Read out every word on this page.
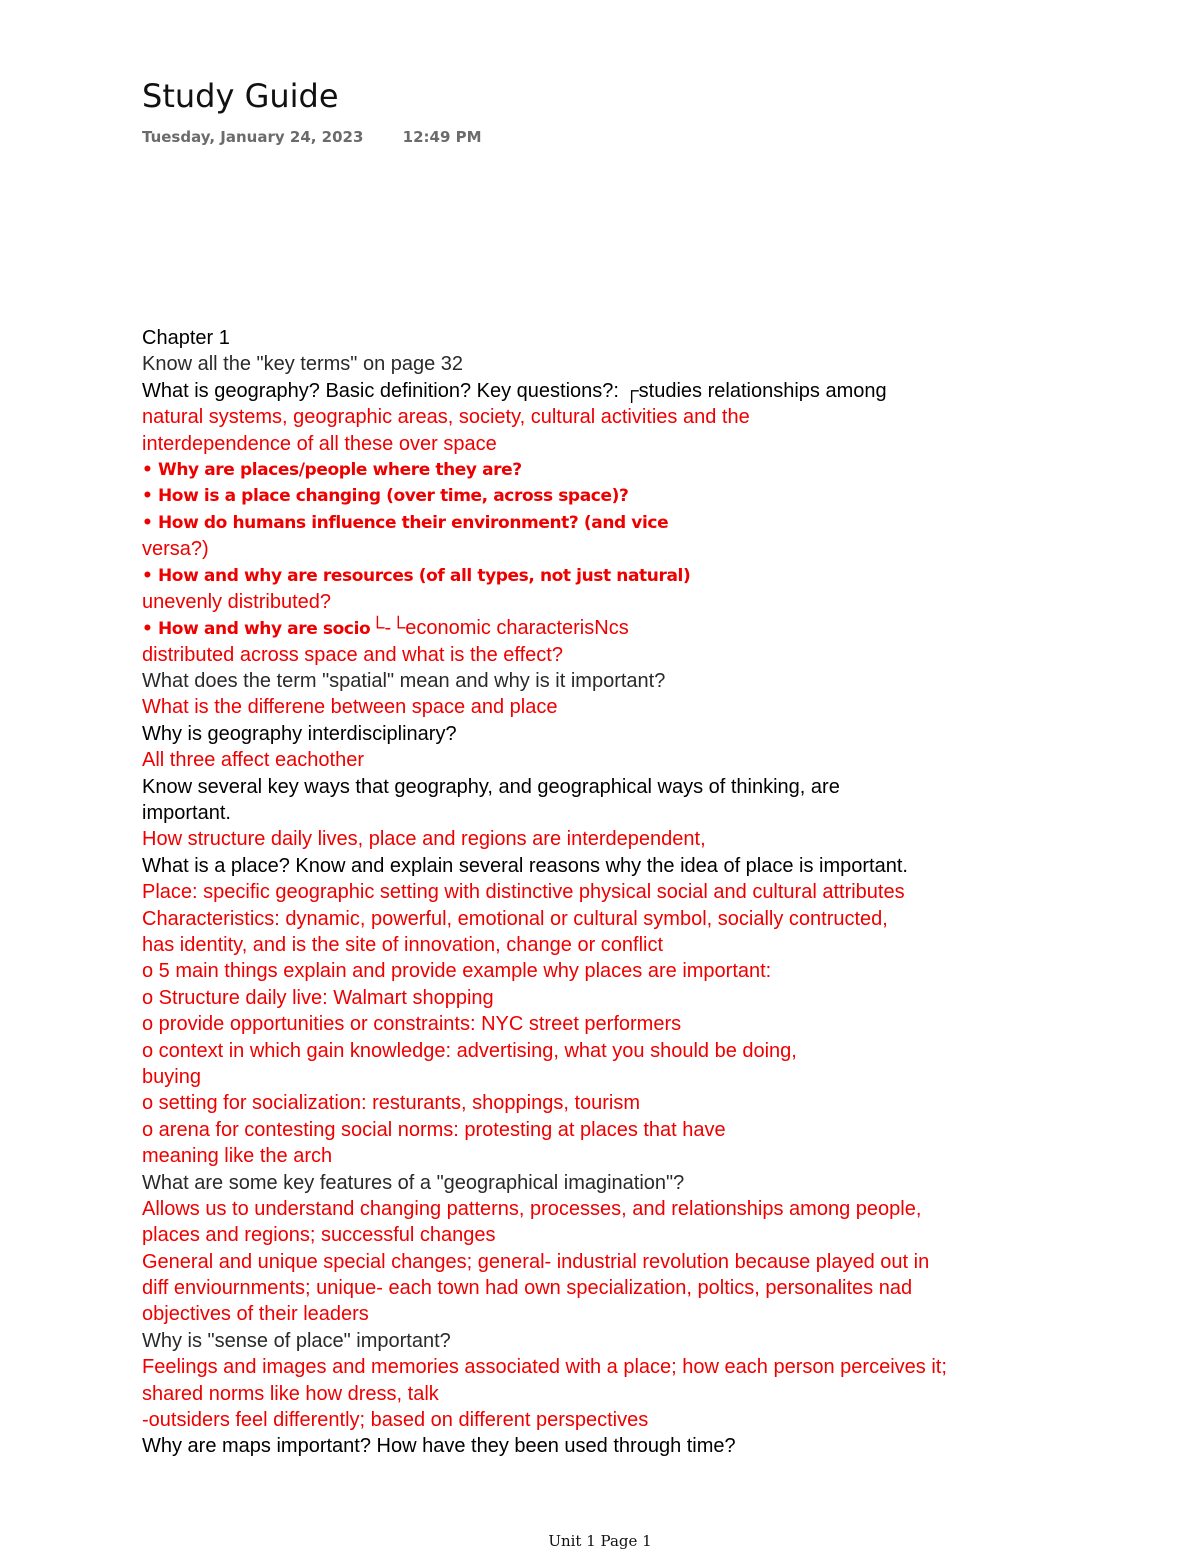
Study Guide
Tuesday, January 24, 2023	12:49 PM
Chapter 1
Know all the "key terms" on page 32
What is geography? Basic definition? Key questions?: ┌studies relationships among
natural systems, geographic areas, society, cultural activities and the
interdependence of all these over space
• Why are places/people where they are?
• How is a place changing (over time, across space)?
• How do humans influence their environment? (and vice
versa?)
• How and why are resources (of all types, not just natural)
unevenly distributed?
• How and why are socio└-└economic characterisNcs
distributed across space and what is the effect?
What does the term "spatial" mean and why is it important?
What is the differene between space and place
Why is geography interdisciplinary?
All three affect eachother
Know several key ways that geography, and geographical ways of thinking, are
important.
How structure daily lives, place and regions are interdependent,
What is a place? Know and explain several reasons why the idea of place is important.
Place: specific geographic setting with distinctive physical social and cultural attributes
Characteristics: dynamic, powerful, emotional or cultural symbol, socially contructed,
has identity, and is the site of innovation, change or conflict
o 5 main things explain and provide example why places are important:
o Structure daily live: Walmart shopping
o provide opportunities or constraints: NYC street performers
o context in which gain knowledge: advertising, what you should be doing,
buying
o setting for socialization: resturants, shoppings, tourism
o arena for contesting social norms: protesting at places that have
meaning like the arch
What are some key features of a "geographical imagination"?
Allows us to understand changing patterns, processes, and relationships among people,
places and regions; successful changes
General and unique special changes; general- industrial revolution because played out in
diff enviournments; unique- each town had own specialization, poltics, personalites nad
objectives of their leaders
Why is "sense of place" important?
Feelings and images and memories associated with a place; how each person perceives it;
shared norms like how dress, talk
-outsiders feel differently; based on different perspectives
Why are maps important? How have they been used through time?
Unit 1 Page 1
